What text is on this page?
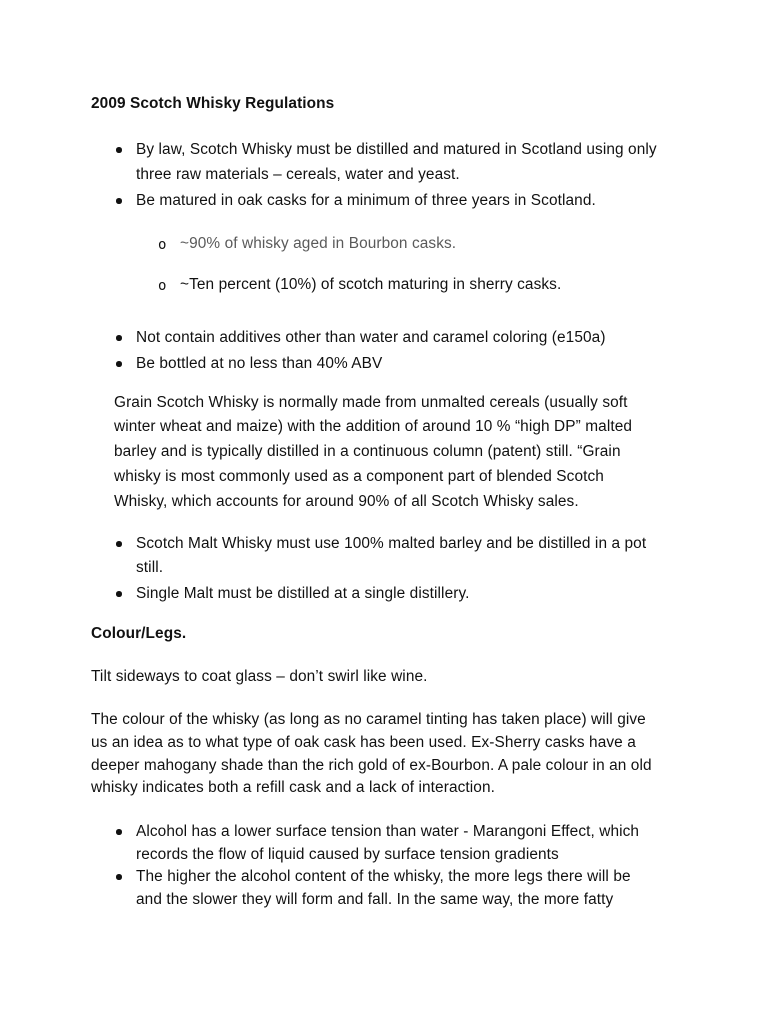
2009 Scotch Whisky Regulations
By law, Scotch Whisky must be distilled and matured in Scotland using only
three raw materials – cereals, water and yeast.
Be matured in oak casks for a minimum of three years in Scotland.
o ~90% of whisky aged in Bourbon casks.
o ~Ten percent (10%) of scotch maturing in sherry casks.
Not contain additives other than water and caramel coloring (e150a)
Be bottled at no less than 40% ABV
Grain Scotch Whisky is normally made from unmalted cereals (usually soft
winter wheat and maize) with the addition of around 10 % “high DP” malted
barley and is typically distilled in a continuous column (patent) still. “Grain
whisky is most commonly used as a component part of blended Scotch
Whisky, which accounts for around 90% of all Scotch Whisky sales.
Scotch Malt Whisky must use 100% malted barley and be distilled in a pot
still.
Single Malt must be distilled at a single distillery.
Colour/Legs.
Tilt sideways to coat glass – don’t swirl like wine.
The colour of the whisky (as long as no caramel tinting has taken place) will give
us an idea as to what type of oak cask has been used. Ex-Sherry casks have a
deeper mahogany shade than the rich gold of ex-Bourbon. A pale colour in an old
whisky indicates both a refill cask and a lack of interaction.
Alcohol has a lower surface tension than water - Marangoni Effect, which
records the flow of liquid caused by surface tension gradients
The higher the alcohol content of the whisky, the more legs there will be
and the slower they will form and fall. In the same way, the more fatty
